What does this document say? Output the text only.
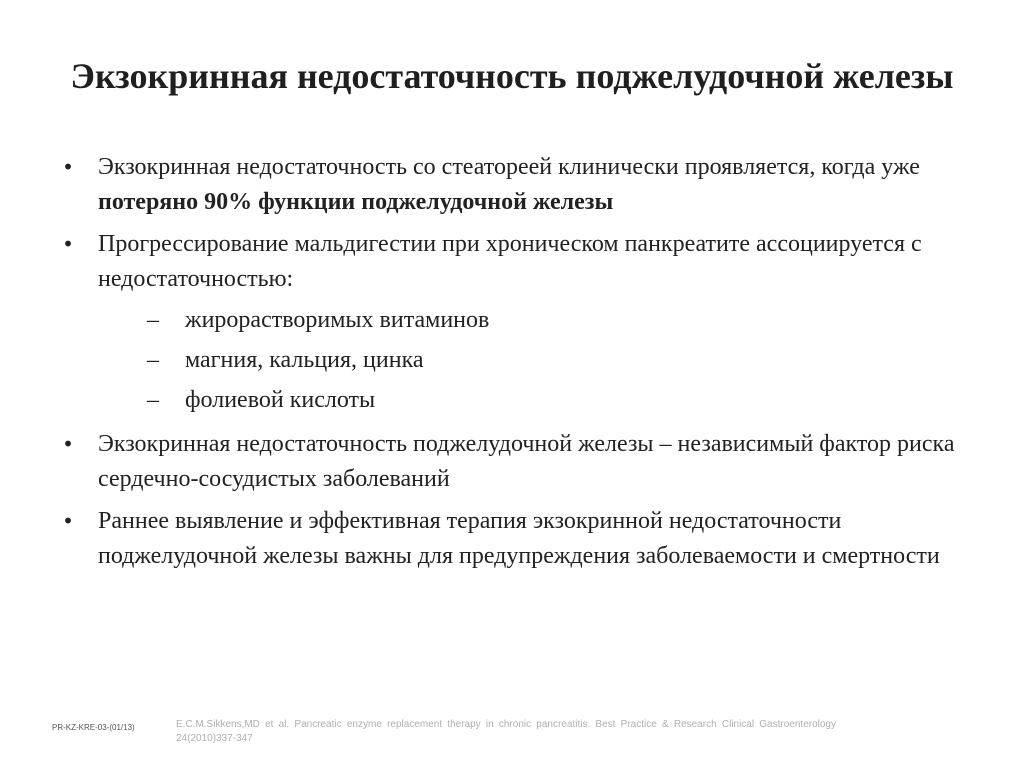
Экзокринная недостаточность поджелудочной железы
• Экзокринная недостаточность со стеатореей клинически проявляется, когда уже потеряно 90% функции поджелудочной железы
• Прогрессирование мальдигестии при хроническом панкреатите ассоциируется с недостаточностью:
– жирорастворимых витаминов
– магния, кальция, цинка
– фолиевой кислоты
• Экзокринная недостаточность поджелудочной железы – независимый фактор риска сердечно-сосудистых заболеваний
• Раннее выявление и эффективная терапия экзокринной недостаточности поджелудочной железы важны для предупреждения заболеваемости и смертности
PR-KZ-KRE-03-(01/13)	E.C.M.Sikkens,MD et al. Pancreatic enzyme replacement therapy in chronic pancreatitis. Best Practice & Research Clinical Gastroenterology 24(2010)337-347
